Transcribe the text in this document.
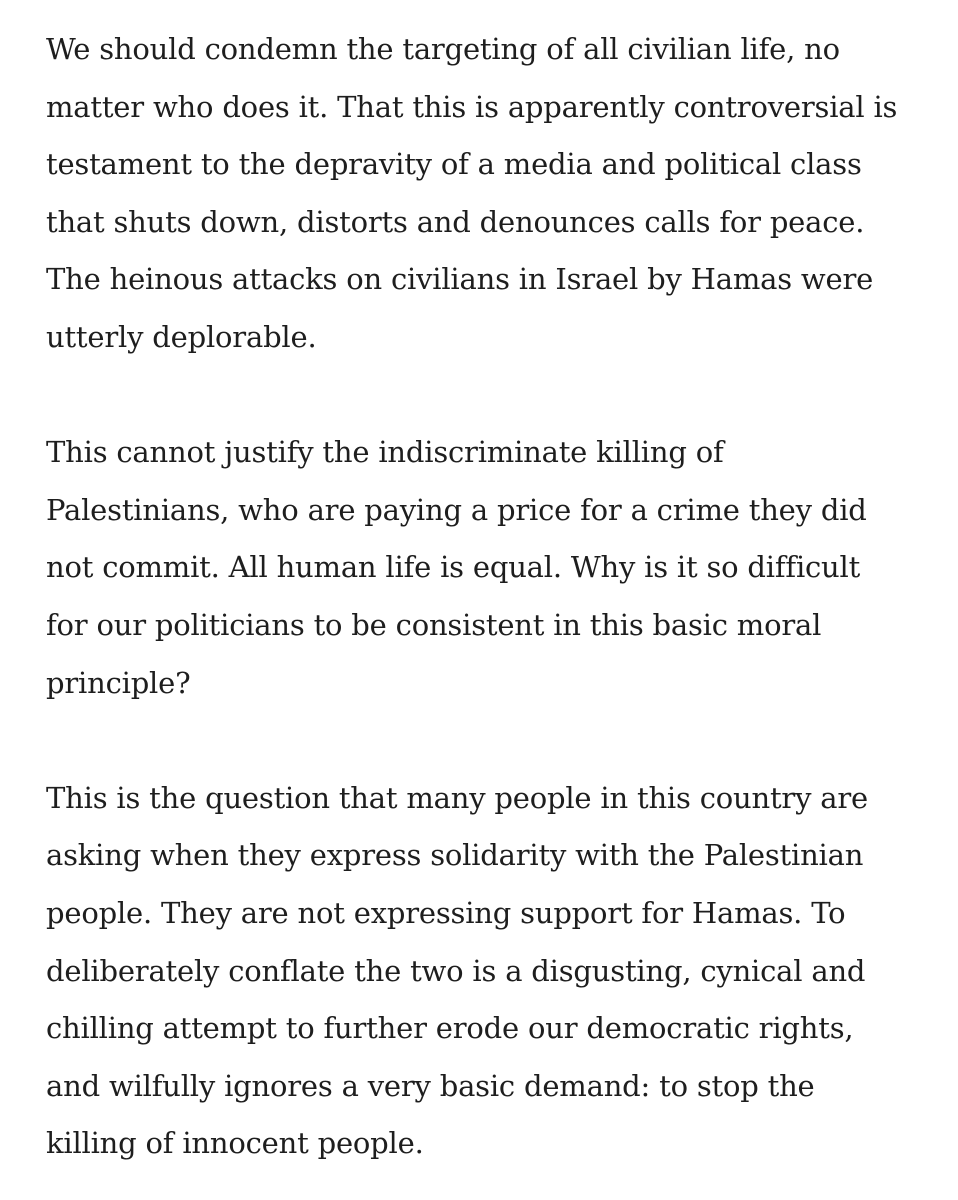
We should condemn the targeting of all civilian life, no
matter who does it. That this is apparently controversial is
testament to the depravity of a media and political class
that shuts down, distorts and denounces calls for peace.
The heinous attacks on civilians in Israel by Hamas were
utterly deplorable.

This cannot justify the indiscriminate killing of
Palestinians, who are paying a price for a crime they did
not commit. All human life is equal. Why is it so difficult
for our politicians to be consistent in this basic moral
principle?

This is the question that many people in this country are
asking when they express solidarity with the Palestinian
people. They are not expressing support for Hamas. To
deliberately conflate the two is a disgusting, cynical and
chilling attempt to further erode our democratic rights,
and wilfully ignores a very basic demand: to stop the
killing of innocent people.
